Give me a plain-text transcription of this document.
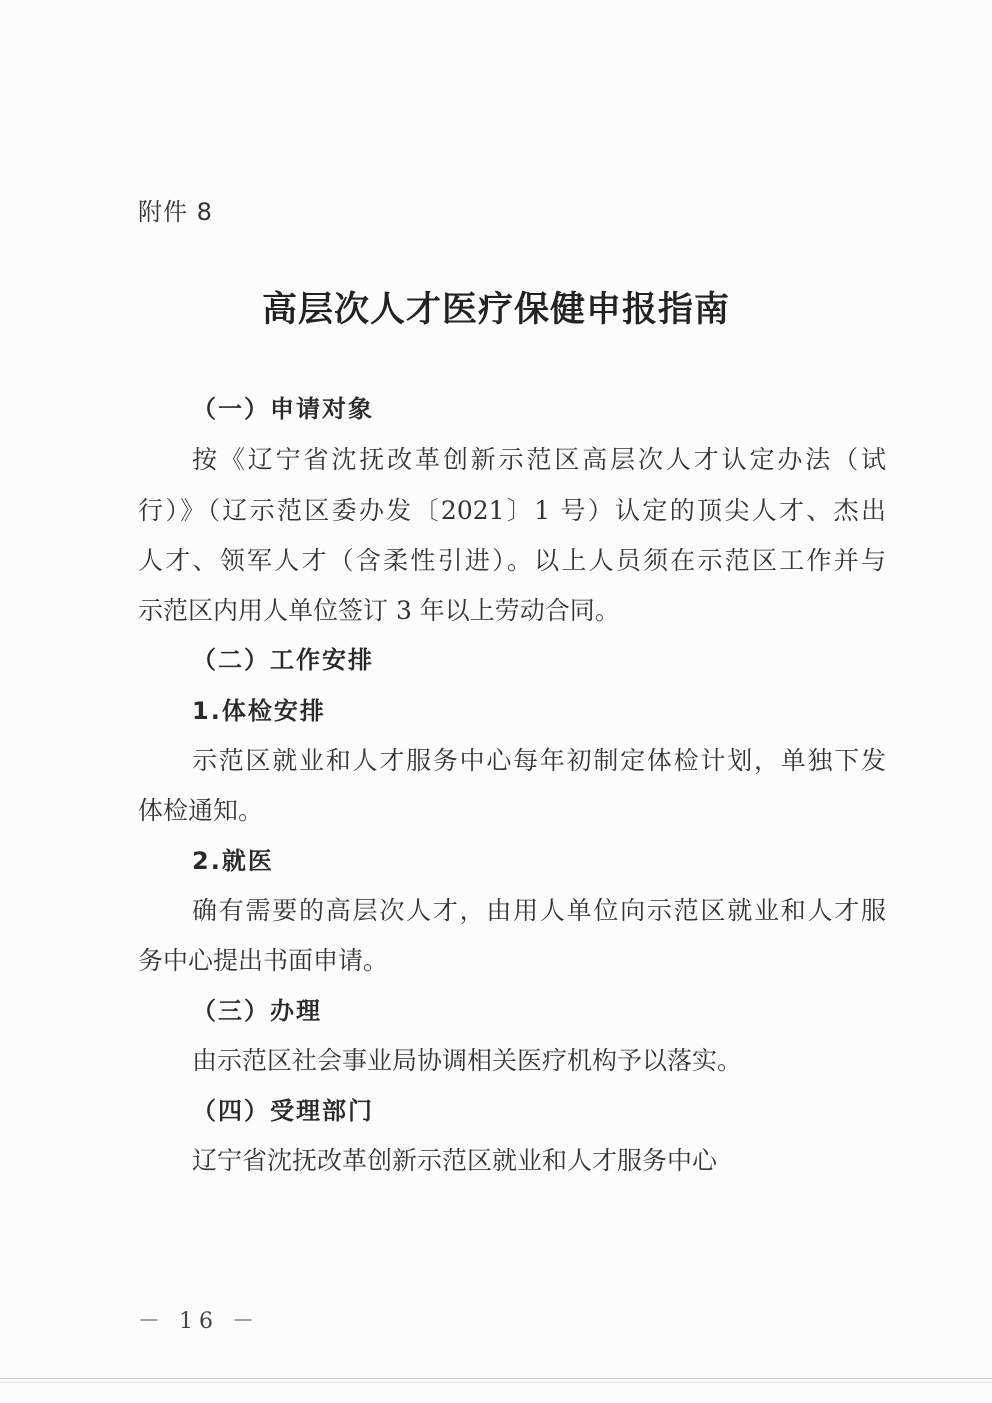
附件 8
高层次人才医疗保健申报指南
（一）申请对象
按《辽宁省沈抚改革创新示范区高层次人才认定办法（试
行）》（辽示范区委办发〔2021〕1 号）认定的顶尖人才、杰出
人才、领军人才（含柔性引进）。以上人员须在示范区工作并与
示范区内用人单位签订 3 年以上劳动合同。
（二）工作安排
1.体检安排
示范区就业和人才服务中心每年初制定体检计划，单独下发
体检通知。
2.就医
确有需要的高层次人才，由用人单位向示范区就业和人才服
务中心提出书面申请。
（三）办理
由示范区社会事业局协调相关医疗机构予以落实。
（四）受理部门
辽宁省沈抚改革创新示范区就业和人才服务中心
－ 16 －
